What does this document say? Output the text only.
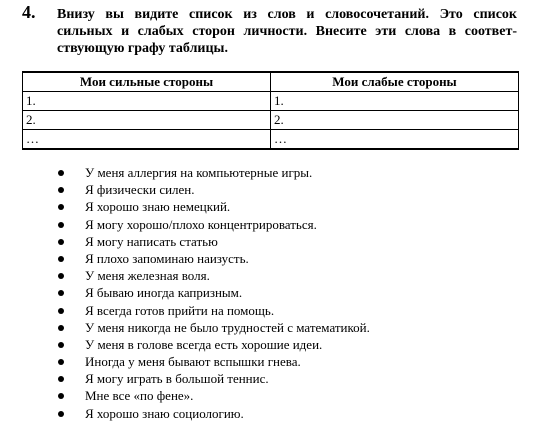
4. Внизу вы видите список из слов и словосочетаний. Это список
сильных и слабых сторон личности. Внесите эти слова в соответ-
ствующую графу таблицы.
Мои сильные стороны	Мои слабые стороны
1.	1.
2.	2.
…	…
У меня аллергия на компьютерные игры.
Я физически силен.
Я хорошо знаю немецкий.
Я могу хорошо/плохо концентрироваться.
Я могу написать статью
Я плохо запоминаю наизусть.
У меня железная воля.
Я бываю иногда капризным.
Я всегда готов прийти на помощь.
У меня никогда не было трудностей с математикой.
У меня в голове всегда есть хорошие идеи.
Иногда у меня бывают вспышки гнева.
Я могу играть в большой теннис.
Мне все «по фене».
Я хорошо знаю социологию.
